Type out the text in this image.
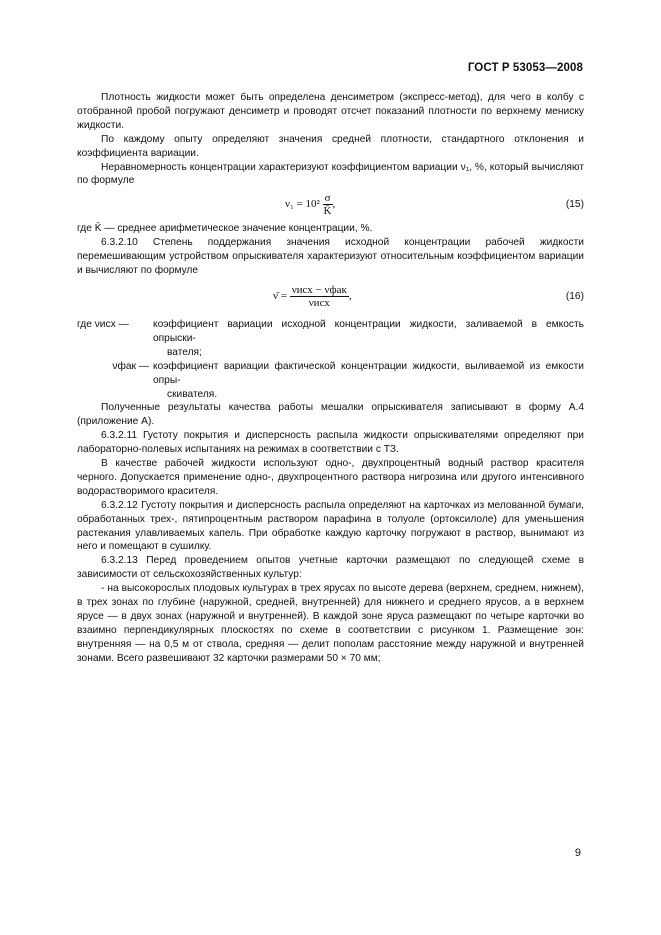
ГОСТ Р 53053—2008

Плотность жидкости может быть определена денсиметром (экспресс-метод), для чего в колбу с отобранной пробой погружают денсиметр и проводят отсчет показаний плотности по верхнему мениску жидкости.

По каждому опыту определяют значения средней плотности, стандартного отклонения и коэффициента вариации.

Неравномерность концентрации характеризуют коэффициентом вариации ν₁, %, который вычисляют по формуле

$\nu_1 = 10^2 \frac{\sigma}{K̄}$ ,	(15)

где K̄ — среднее арифметическое значение концентрации, %.

6.3.2.10 Степень поддержания значения исходной концентрации рабочей жидкости перемешивающим устройством опрыскивателя характеризуют относительным коэффициентом вариации и вычисляют по формуле

ν̄ = $\frac{\text{νисх − νфак}}{\text{νисх}}$ ,	(16)
где νисх —	коэффициент вариации исходной концентрации жидкости, заливаемой в емкость опрыски-
вателя;
νфак — коэффициент вариации фактической концентрации жидкости, выливаемой из емкости опры-
скивателя.

Полученные результаты качества работы мешалки опрыскивателя записывают в форму А.4 (приложение А).

6.3.2.11 Густоту покрытия и дисперсность распыла жидкости опрыскивателями определяют при лабораторно-полевых испытаниях на режимах в соответствии с ТЗ.

В качестве рабочей жидкости используют одно-, двухпроцентный водный раствор красителя черного. Допускается применение одно-, двухпроцентного раствора нигрозина или другого интенсивного водорастворимого красителя.

6.3.2.12 Густоту покрытия и дисперсность распыла определяют на карточках из мелованной бумаги, обработанных трех-, пятипроцентным раствором парафина в толуоле (ортоксилоле) для уменьшения растекания улавливаемых капель. При обработке каждую карточку погружают в раствор, вынимают из него и помещают в сушилку.

6.3.2.13 Перед проведением опытов учетные карточки размещают по следующей схеме в зависимости от сельскохозяйственных культур:

- на высокорослых плодовых культурах в трех ярусах по высоте дерева (верхнем, среднем, нижнем), в трех зонах по глубине (наружной, средней, внутренней) для нижнего и среднего ярусов, а в верхнем ярусе — в двух зонах (наружной и внутренней). В каждой зоне яруса размещают по четыре карточки во взаимно перпендикулярных плоскостях по схеме в соответствии с рисунком 1. Размещение зон: внутренняя — на 0,5 м от ствола, средняя — делит пополам расстояние между наружной и внутренней зонами. Всего развешивают 32 карточки размерами 50 × 70 мм;

9
